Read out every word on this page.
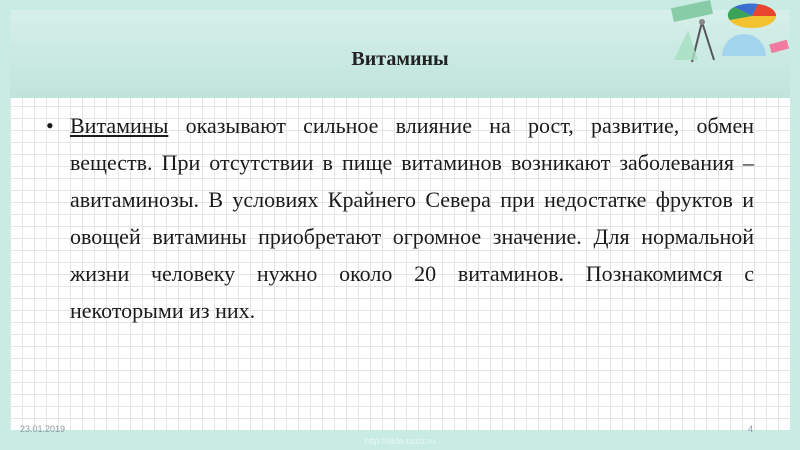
Витамины
• Витамины оказывают сильное влияние на рост, развитие, обмен веществ. При отсутствии в пище витаминов возникают заболевания – авитаминозы. В условиях Крайнего Севера при недостатке фруктов и овощей витамины приобретают огромное значение. Для нормальной жизни человеку нужно около 20 витаминов. Познакомимся с некоторыми из них.
23.01.2019	4
http://aida.ucoz.ru
